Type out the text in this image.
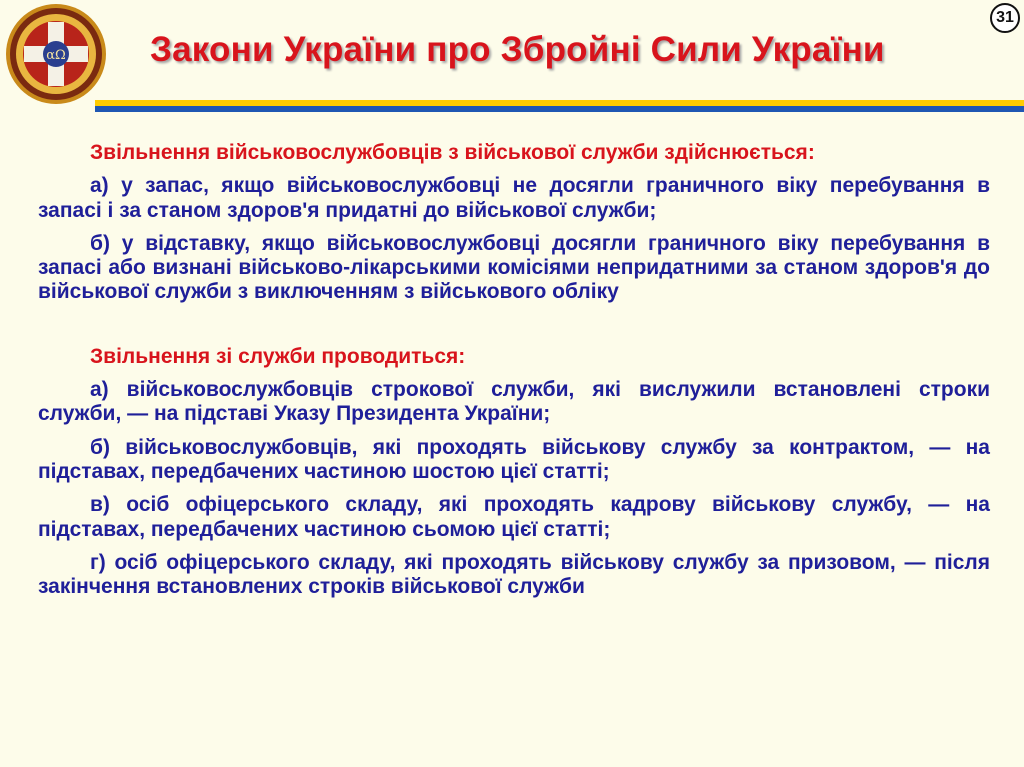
αΩ Закони України про Збройні Сили України
31

Звільнення військовослужбовців з військової служби здійснюється:

а) у запас, якщо військовослужбовці не досягли граничного віку перебування в запасі і за станом здоров'я придатні до військової служби;

б) у відставку, якщо військовослужбовці досягли граничного віку перебування в запасі або визнані військово-лікарськими комісіями непридатними за станом здоров'я до військової служби з виключенням з військового обліку

Звільнення зі служби проводиться:

а) військовослужбовців строкової служби, які вислужили встановлені строки служби, — на підставі Указу Президента України;

б) військовослужбовців, які проходять військову службу за контрактом, — на підставах, передбачених частиною шостою цієї статті;

в) осіб офіцерського складу, які проходять кадрову військову службу, — на підставах, передбачених частиною сьомою цієї статті;

г) осіб офіцерського складу, які проходять військову службу за призовом, — після закінчення встановлених строків військової служби
